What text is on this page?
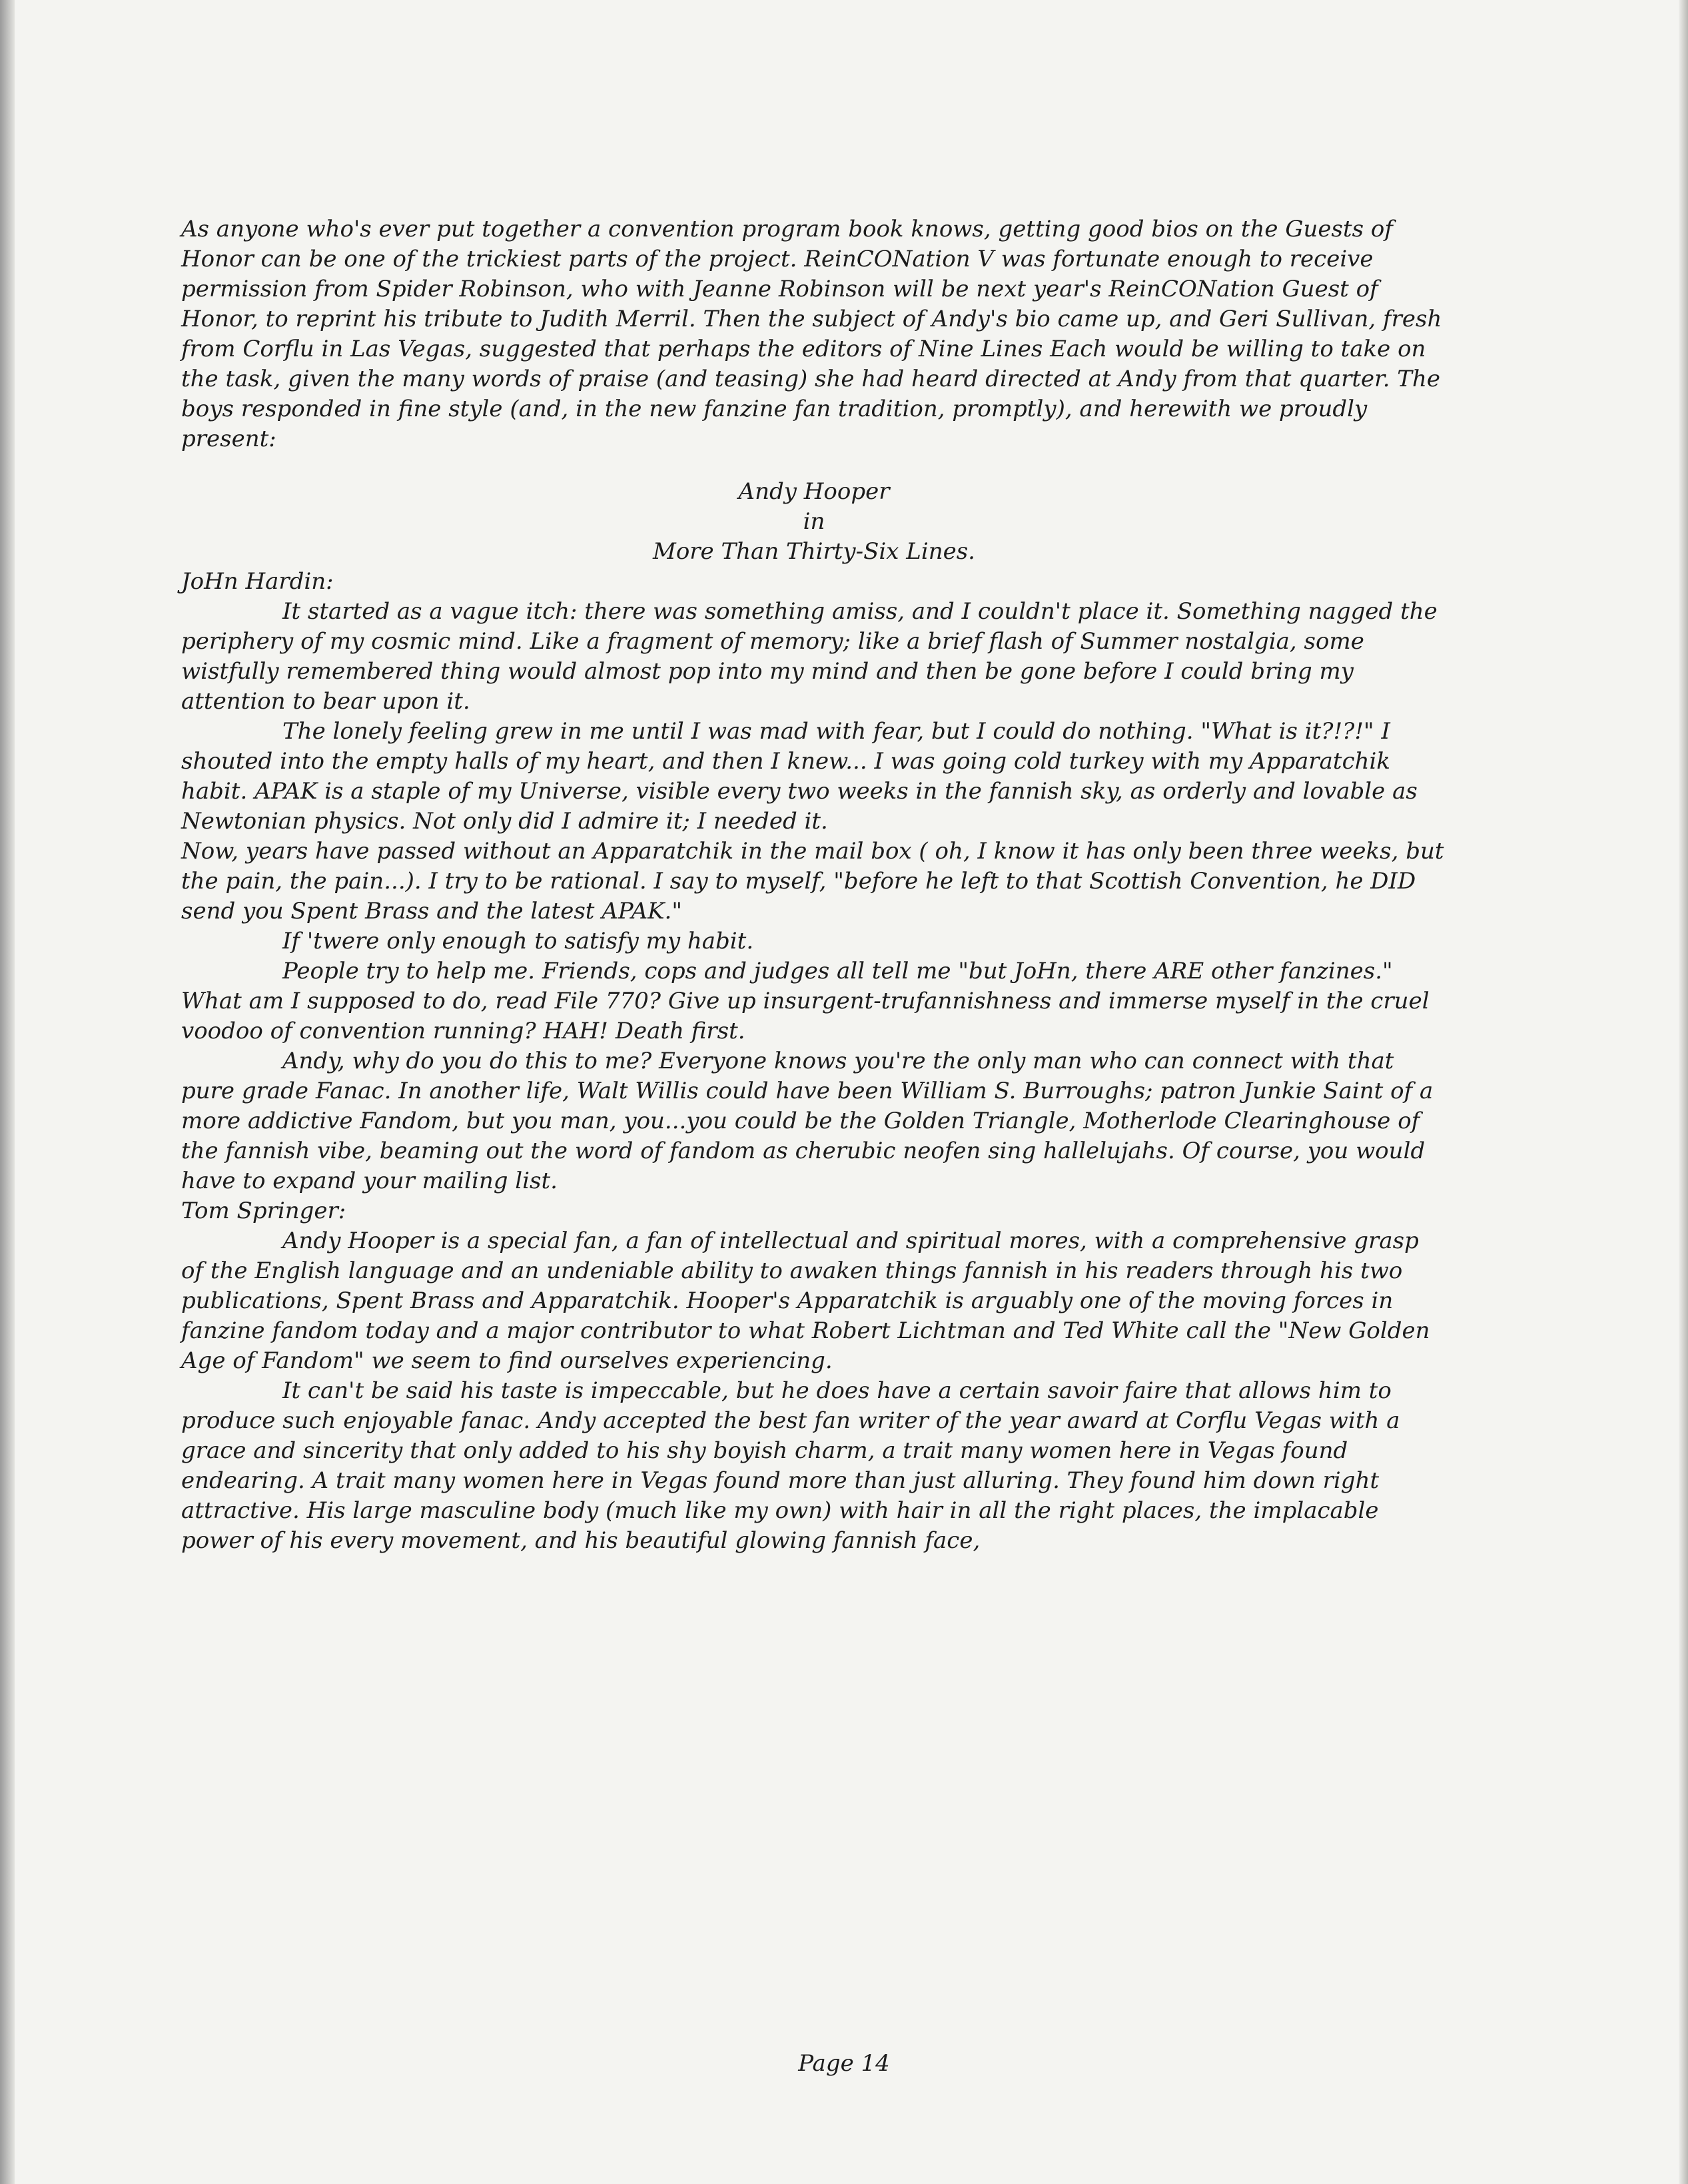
As anyone who's ever put together a convention program book knows, getting good bios on the Guests of Honor can be one of the trickiest parts of the project. ReinCONation V was fortunate enough to receive permission from Spider Robinson, who with Jeanne Robinson will be next year's ReinCONation Guest of Honor, to reprint his tribute to Judith Merril. Then the subject of Andy's bio came up, and Geri Sullivan, fresh from Corflu in Las Vegas, suggested that perhaps the editors of Nine Lines Each would be willing to take on the task, given the many words of praise (and teasing) she had heard directed at Andy from that quarter. The boys responded in fine style (and, in the new fanzine fan tradition, promptly), and herewith we proudly present:

Andy Hooper
in
More Than Thirty-Six Lines.

JoHn Hardin:

It started as a vague itch: there was something amiss, and I couldn't place it. Something nagged the periphery of my cosmic mind. Like a fragment of memory; like a brief flash of Summer nostalgia, some wistfully remembered thing would almost pop into my mind and then be gone before I could bring my attention to bear upon it.

The lonely feeling grew in me until I was mad with fear, but I could do nothing. "What is it?!?!" I shouted into the empty halls of my heart, and then I knew... I was going cold turkey with my Apparatchik habit. APAK is a staple of my Universe, visible every two weeks in the fannish sky, as orderly and lovable as Newtonian physics. Not only did I admire it; I needed it.

Now, years have passed without an Apparatchik in the mail box ( oh, I know it has only been three weeks, but the pain, the pain...). I try to be rational. I say to myself, "before he left to that Scottish Convention, he DID send you Spent Brass and the latest APAK."

If 'twere only enough to satisfy my habit.

People try to help me. Friends, cops and judges all tell me "but JoHn, there ARE other fanzines." What am I supposed to do, read File 770? Give up insurgent-trufannishness and immerse myself in the cruel voodoo of convention running? HAH! Death first.

Andy, why do you do this to me? Everyone knows you're the only man who can connect with that pure grade Fanac. In another life, Walt Willis could have been William S. Burroughs; patron Junkie Saint of a more addictive Fandom, but you man, you...you could be the Golden Triangle, Motherlode Clearinghouse of the fannish vibe, beaming out the word of fandom as cherubic neofen sing hallelujahs. Of course, you would have to expand your mailing list.

Tom Springer:

Andy Hooper is a special fan, a fan of intellectual and spiritual mores, with a comprehensive grasp of the English language and an undeniable ability to awaken things fannish in his readers through his two publications, Spent Brass and Apparatchik. Hooper's Apparatchik is arguably one of the moving forces in fanzine fandom today and a major contributor to what Robert Lichtman and Ted White call the "New Golden Age of Fandom" we seem to find ourselves experiencing.

It can't be said his taste is impeccable, but he does have a certain savoir faire that allows him to produce such enjoyable fanac. Andy accepted the best fan writer of the year award at Corflu Vegas with a grace and sincerity that only added to his shy boyish charm, a trait many women here in Vegas found endearing. A trait many women here in Vegas found more than just alluring. They found him down right attractive. His large masculine body (much like my own) with hair in all the right places, the implacable power of his every movement, and his beautiful glowing fannish face,

Page 14
